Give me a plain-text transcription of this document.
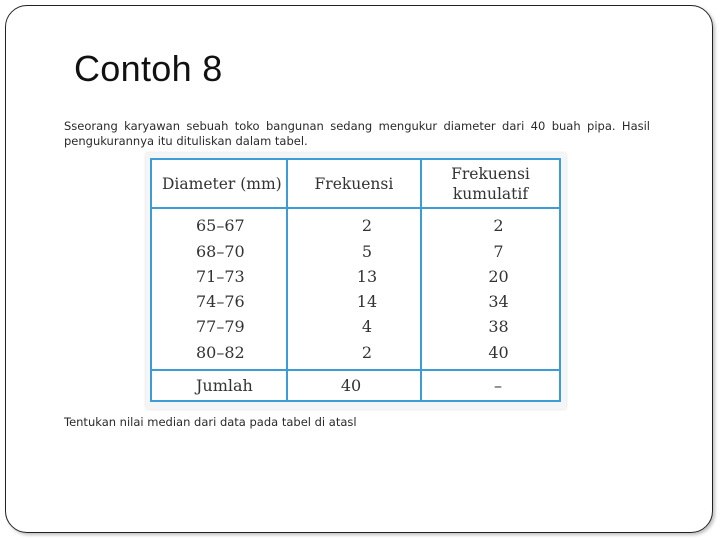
Contoh 8

Sseorang karyawan sebuah toko bangunan sedang mengukur diameter dari 40 buah pipa. Hasil pengukurannya itu dituliskan dalam tabel.

Diameter (mm)	Frekuensi	Frekuensi
kumulatif
65–67	2	2
68–70	5	7
71–73	13	20
74–76	14	34
77–79	4	38
80–82	2	40
Jumlah	40	–

Tentukan nilai median dari data pada tabel di atasl
